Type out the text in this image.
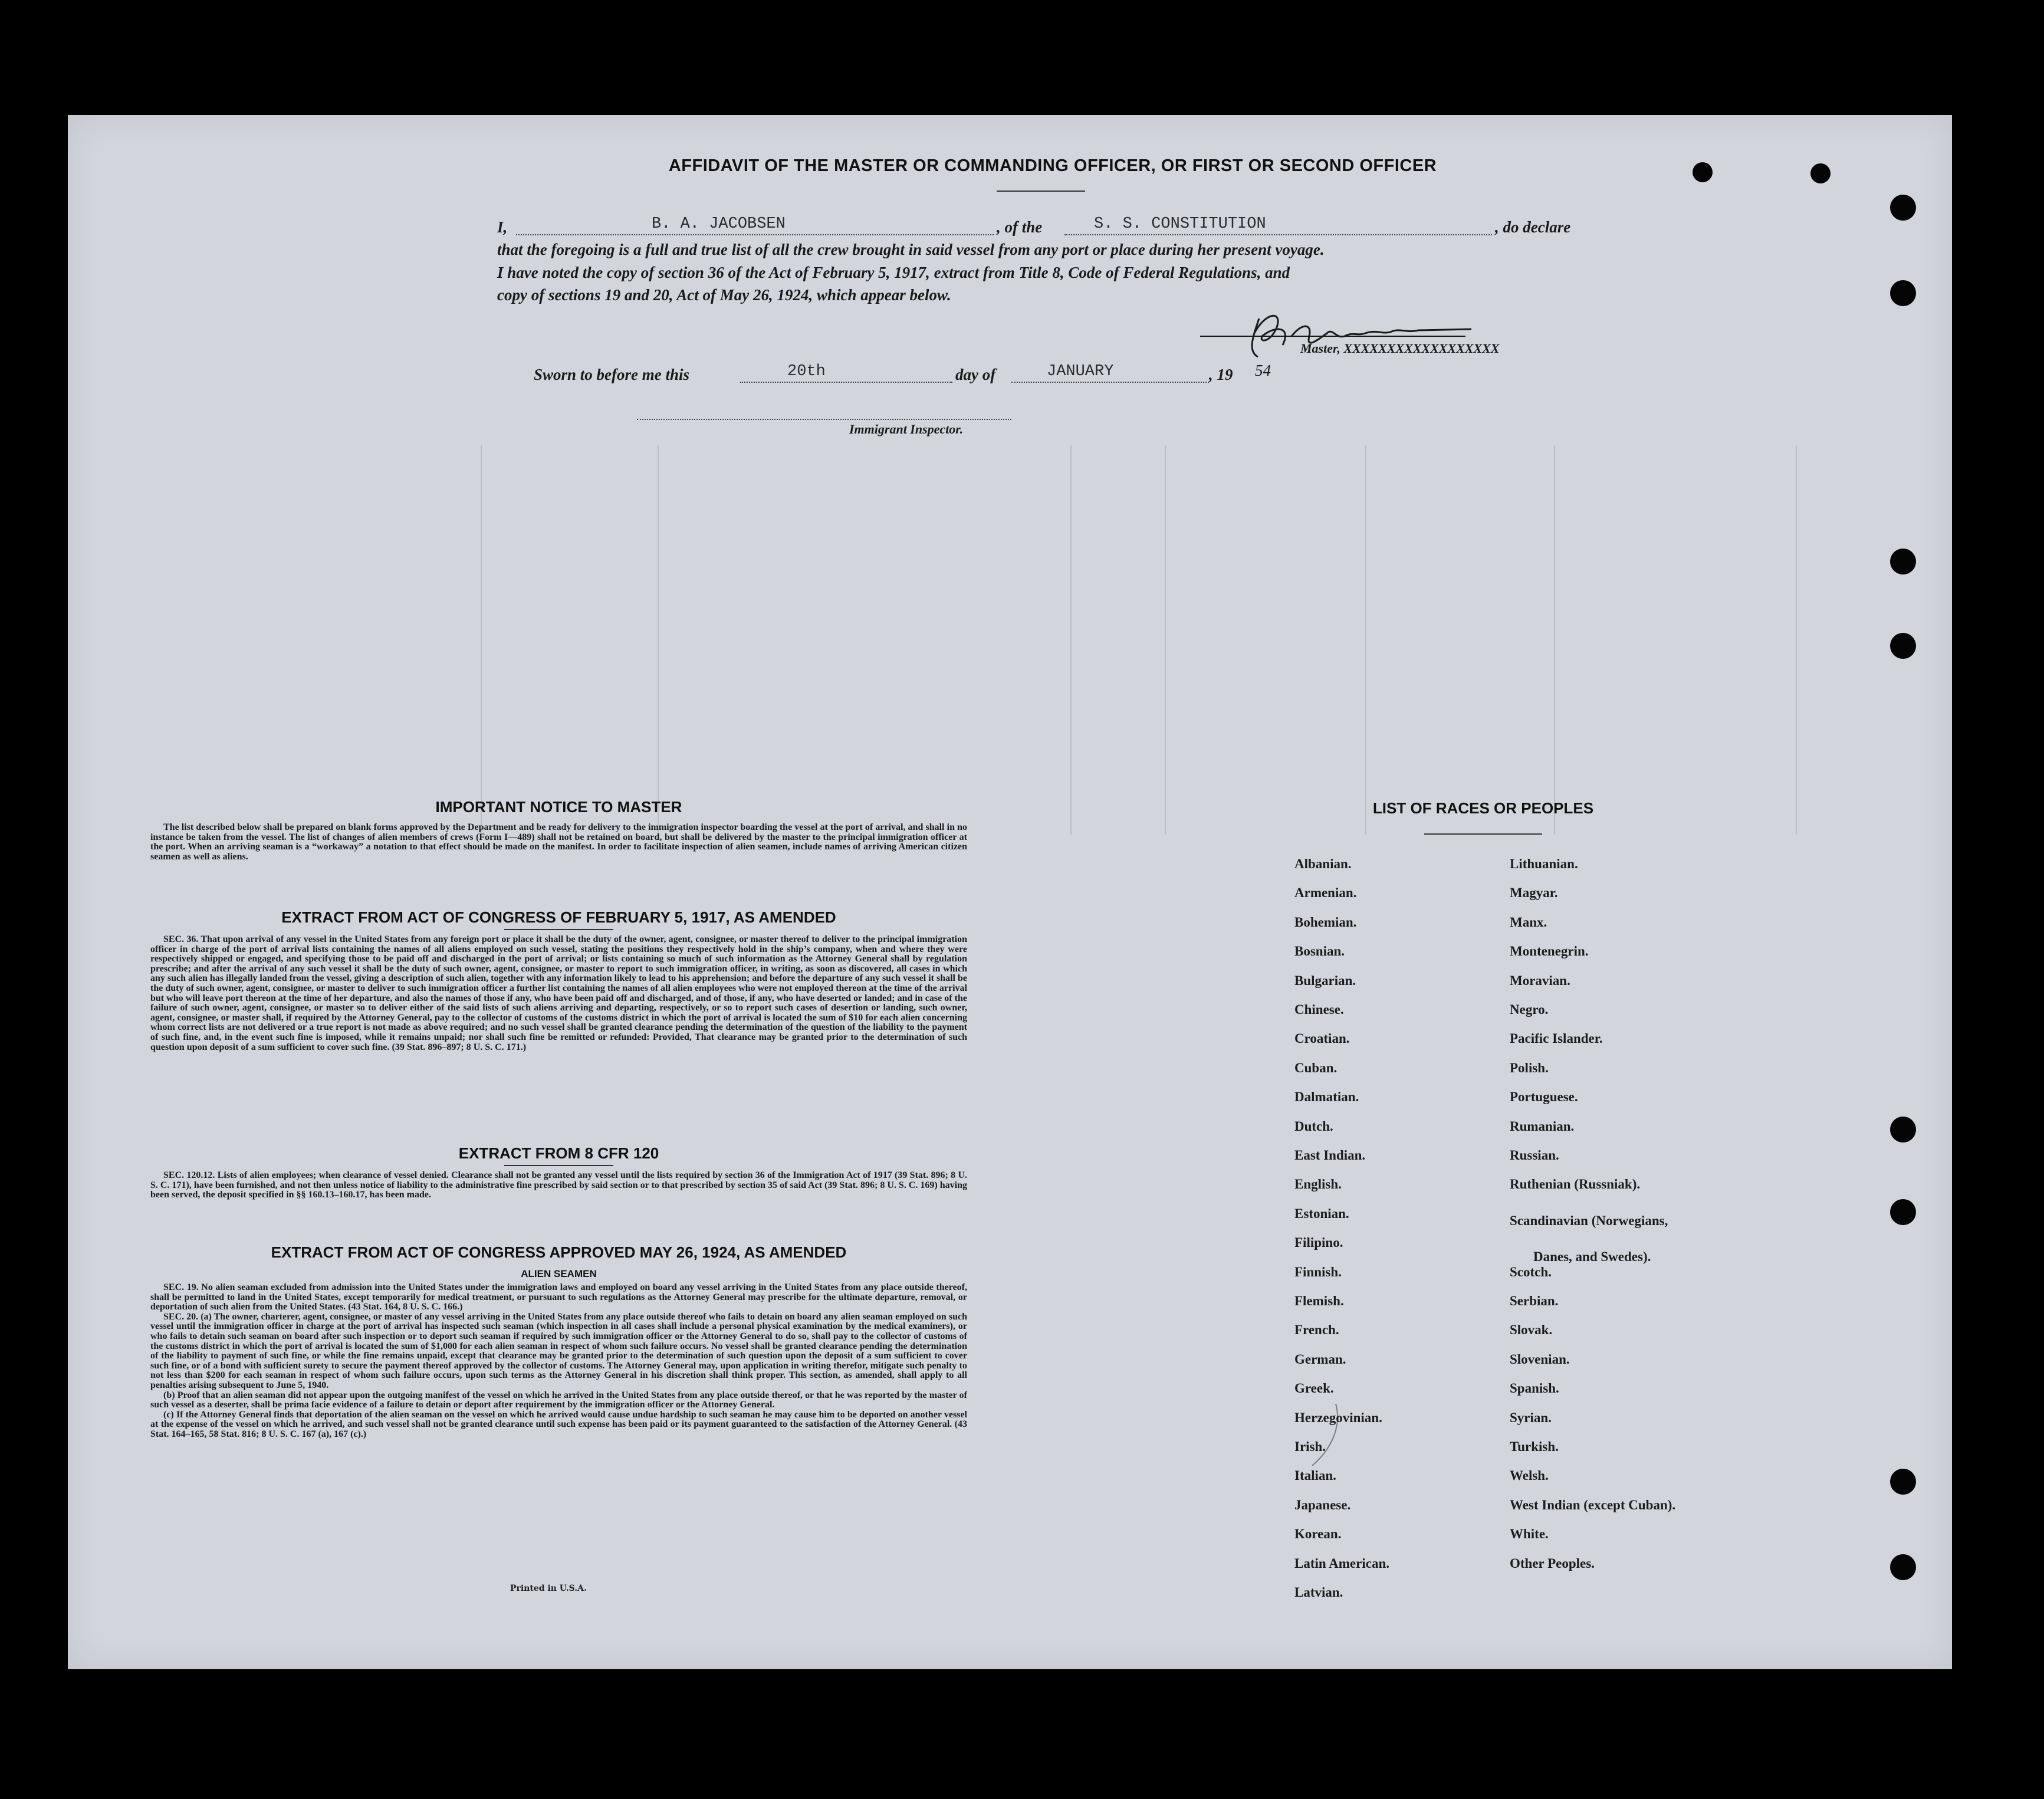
AFFIDAVIT OF THE MASTER OR COMMANDING OFFICER, OR FIRST OR SECOND OFFICER
I,	B. A. JACOBSEN	, of the	S. S. CONSTITUTION	, do declare
that the foregoing is a full and true list of all the crew brought in said vessel from any port or place during her present voyage.
I have noted the copy of section 36 of the Act of February 5, 1917, extract from Title 8, Code of Federal Regulations, and
copy of sections 19 and 20, Act of May 26, 1924, which appear below.
Master, XXXXXXXXXXXXXXXXXX
Sworn to before me this	20th	day of	JANUARY	, 19 54
Immigrant Inspector.
IMPORTANT NOTICE TO MASTER

The list described below shall be prepared on blank forms approved by the Department and be ready for delivery to the immigration inspector boarding the vessel at the port of arrival, and shall in no instance be taken from the vessel. The list of changes of alien members of crews (Form I—489) shall not be retained on board, but shall be delivered by the master to the principal immigration officer at the port. When an arriving seaman is a “workaway” a notation to that effect should be made on the manifest. In order to facilitate inspection of alien seamen, include names of arriving American citizen seamen as well as aliens.

EXTRACT FROM ACT OF CONGRESS OF FEBRUARY 5, 1917, AS AMENDED

SEC. 36. That upon arrival of any vessel in the United States from any foreign port or place it shall be the duty of the owner, agent, consignee, or master thereof to deliver to the principal immigration officer in charge of the port of arrival lists containing the names of all aliens employed on such vessel, stating the positions they respectively hold in the ship’s company, when and where they were respectively shipped or engaged, and specifying those to be paid off and discharged in the port of arrival; or lists containing so much of such information as the Attorney General shall by regulation prescribe; and after the arrival of any such vessel it shall be the duty of such owner, agent, consignee, or master to report to such immigration officer, in writing, as soon as discovered, all cases in which any such alien has illegally landed from the vessel, giving a description of such alien, together with any information likely to lead to his apprehension; and before the departure of any such vessel it shall be the duty of such owner, agent, consignee, or master to deliver to such immigration officer a further list containing the names of all alien employees who were not employed thereon at the time of the arrival but who will leave port thereon at the time of her departure, and also the names of those if any, who have been paid off and discharged, and of those, if any, who have deserted or landed; and in case of the failure of such owner, agent, consignee, or master so to deliver either of the said lists of such aliens arriving and departing, respectively, or so to report such cases of desertion or landing, such owner, agent, consignee, or master shall, if required by the Attorney General, pay to the collector of customs of the customs district in which the port of arrival is located the sum of $10 for each alien concerning whom correct lists are not delivered or a true report is not made as above required; and no such vessel shall be granted clearance pending the determination of the question of the liability to the payment of such fine, and, in the event such fine is imposed, while it remains unpaid; nor shall such fine be remitted or refunded: Provided, That clearance may be granted prior to the determination of such question upon deposit of a sum sufficient to cover such fine. (39 Stat. 896–897; 8 U. S. C. 171.)

EXTRACT FROM 8 CFR 120

SEC. 120.12. Lists of alien employees; when clearance of vessel denied. Clearance shall not be granted any vessel until the lists required by section 36 of the Immigration Act of 1917 (39 Stat. 896; 8 U. S. C. 171), have been furnished, and not then unless notice of liability to the administrative fine prescribed by said section or to that prescribed by section 35 of said Act (39 Stat. 896; 8 U. S. C. 169) having been served, the deposit specified in §§ 160.13–160.17, has been made.

EXTRACT FROM ACT OF CONGRESS APPROVED MAY 26, 1924, AS AMENDED
ALIEN SEAMEN

SEC. 19. No alien seaman excluded from admission into the United States under the immigration laws and employed on board any vessel arriving in the United States from any place outside thereof, shall be permitted to land in the United States, except temporarily for medical treatment, or pursuant to such regulations as the Attorney General may prescribe for the ultimate departure, removal, or deportation of such alien from the United States. (43 Stat. 164, 8 U. S. C. 166.)

SEC. 20. (a) The owner, charterer, agent, consignee, or master of any vessel arriving in the United States from any place outside thereof who fails to detain on board any alien seaman employed on such vessel until the immigration officer in charge at the port of arrival has inspected such seaman (which inspection in all cases shall include a personal physical examination by the medical examiners), or who fails to detain such seaman on board after such inspection or to deport such seaman if required by such immigration officer or the Attorney General to do so, shall pay to the collector of customs of the customs district in which the port of arrival is located the sum of $1,000 for each alien seaman in respect of whom such failure occurs. No vessel shall be granted clearance pending the determination of the liability to payment of such fine, or while the fine remains unpaid, except that clearance may be granted prior to the determination of such question upon the deposit of a sum sufficient to cover such fine, or of a bond with sufficient surety to secure the payment thereof approved by the collector of customs. The Attorney General may, upon application in writing therefor, mitigate such penalty to not less than $200 for each seaman in respect of whom such failure occurs, upon such terms as the Attorney General in his discretion shall think proper. This section, as amended, shall apply to all penalties arising subsequent to June 5, 1940.

(b) Proof that an alien seaman did not appear upon the outgoing manifest of the vessel on which he arrived in the United States from any place outside thereof, or that he was reported by the master of such vessel as a deserter, shall be prima facie evidence of a failure to detain or deport after requirement by the immigration officer or the Attorney General.

(c) If the Attorney General finds that deportation of the alien seaman on the vessel on which he arrived would cause undue hardship to such seaman he may cause him to be deported on another vessel at the expense of the vessel on which he arrived, and such vessel shall not be granted clearance until such expense has been paid or its payment guaranteed to the satisfaction of the Attorney General. (43 Stat. 164–165, 58 Stat. 816; 8 U. S. C. 167 (a), 167 (c).)

Printed in U.S.A.
LIST OF RACES OR PEOPLES
Albanian.
Armenian.
Bohemian.
Bosnian.
Bulgarian.
Chinese.
Croatian.
Cuban.
Dalmatian.
Dutch.
East Indian.
English.
Estonian.
Filipino.
Finnish.
Flemish.
French.
German.
Greek.
Herzegovinian.
Irish.
Italian.
Japanese.
Korean.
Latin American.
Latvian.
Lithuanian.
Magyar.
Manx.
Montenegrin.
Moravian.
Negro.
Pacific Islander.
Polish.
Portuguese.
Rumanian.
Russian.
Ruthenian (Russniak).
Scandinavian (Norwegians,
Danes, and Swedes).
Scotch.
Serbian.
Slovak.
Slovenian.
Spanish.
Syrian.
Turkish.
Welsh.
West Indian (except Cuban).
White.
Other Peoples.
